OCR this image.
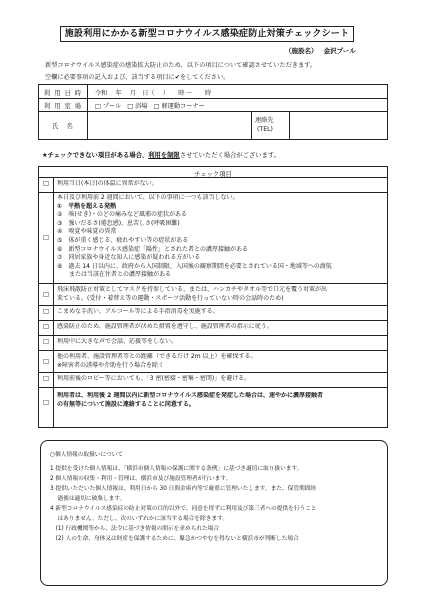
施設利用にかかる新型コロナウイルス感染症防止対策チェックシート
（施設名） 金沢プール
新型コロナウイルス感染症の感染拡大防止のため、以下の項目について確認させていただきます。
空欄に必要事項の記入および、該当する項目に✔をしてください。
利 用 日 時	令和　 年　 月　日（　 ）　　時 ～　　時
利 用 室 場	□ プール　□ 浴場　□ 軽運動コーナー
氏　名
連絡先
(TEL)
★チェックできない項目がある場合、利用を制限させていただく場合がございます。
チェック項目
□ 利用当日(本日)の体温に異常がない。
□
本日及び利用前 2 週間において、以下の事項に一つも該当しない。
①　平熱を超える発熱
②　咳(せき)・のどの痛みなど風邪の症状がある
③　強いだるさ(倦怠感)、息苦しさ(呼吸困難)
④　嗅覚や味覚の異常
⑤　体が重く感じる、疲れやすい等の症状がある
⑥　新型コロナウイルス感染症「陽性」とされた者との濃厚接触がある
⑦　同居家族や身近な知人に感染が疑われる方がいる
⑧　過去 14 日以内に、政府から入国制限、入国後の観察期間を必要とされている国・地域等への渡航
　　または当該在住者との濃厚接触がある
□
飛沫飛散防止対策としてマスクを持参している、または、ハンカチやタオル等で口元を覆う対策が出
来ている。(受付・着替え等の運動・スポーツ活動を行っていない時の会話時のため)
□ こまめな手洗い、アルコール等による手指消毒を実施する。
□ 感染防止のため、施設管理者が決めた措置を遵守し、施設管理者の指示に従う。
□ 利用中に大きな声で会話、応援等をしない。
□
他の利用者、施設管理者等との距離（できるだけ 2m 以上）を確保する。
※障害者の誘導や介助を行う場合を除く
□ 利用前後のロビー等においても、「3 密(密接・密集・密閉)」を避ける。
□
利用者は、利用後 2 週間以内に新型コロナウイルス感染症を発症した場合は、速やかに濃厚接触者
の有無等について施設に連絡することに同意する。
○個人情報の取扱いについて
1 提供を受けた個人情報は、「横浜市個人情報の保護に関する条例」に基づき適切に取り扱います。
2 個人情報の収集・利用・管理は、横浜市及び施設管理者が行います。
3 提供いただいた個人情報は、利用日から 30 日間金庫内等で厳重に管理いたします。また、保管期間経
　 過後は適切に破棄します。
4 新型コロナウイルス感染症の防止対策の目的以外で、同意を得ずに利用及び第三者への提供を行うこと
　 はありません。ただし、次のいずれかに該当する場合を除きます。
　(1) 行政機関等から、法令に基づき情報の開示を求められた場合
　(2) 人の生命、身体又は財産を保護するために、緊急かつやむを得ないと横浜市が判断した場合
